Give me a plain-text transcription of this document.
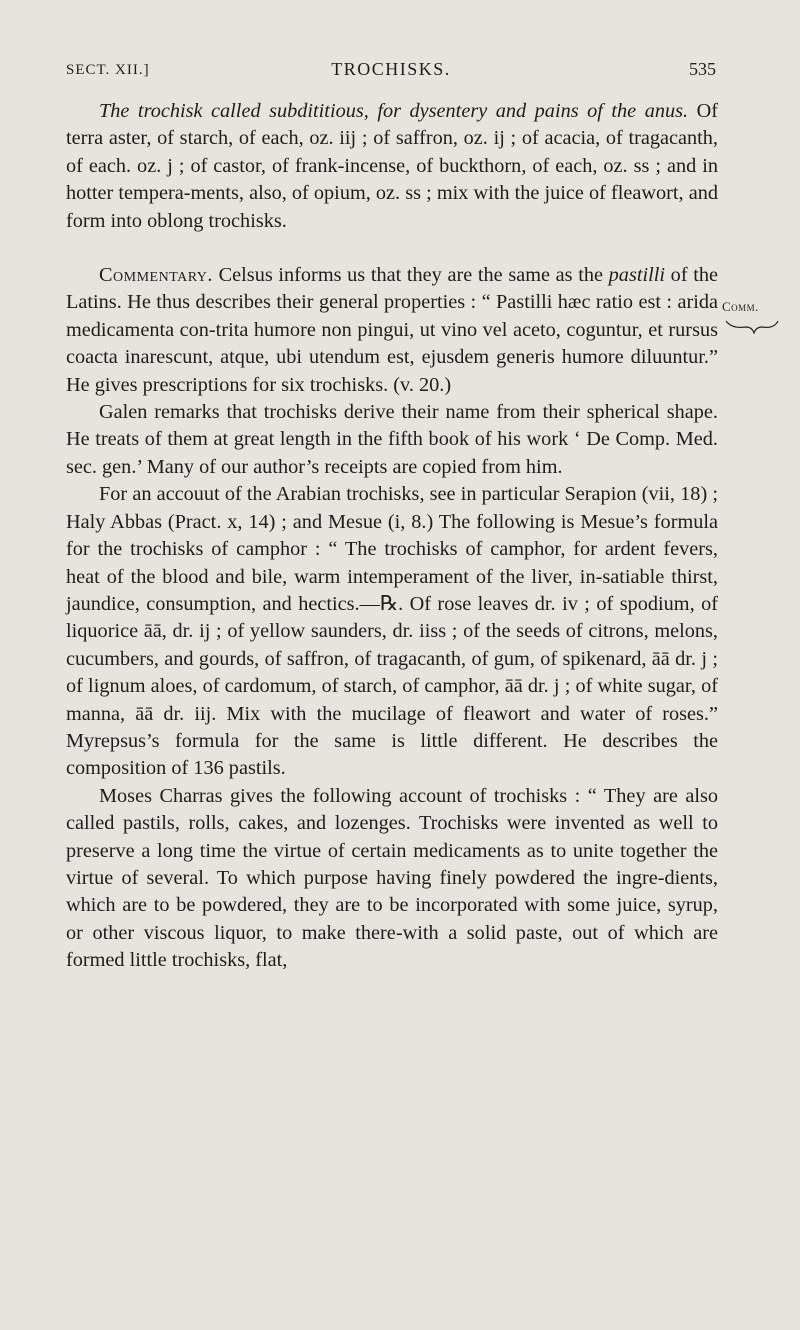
SECT. XII.]	TROCHISKS.	535
Comm.

The trochisk called subdititious, for dysentery and pains of the anus. Of terra aster, of starch, of each, oz. iij ; of saffron, oz. ij ; of acacia, of tragacanth, of each. oz. j ; of castor, of frank-incense, of buckthorn, of each, oz. ss ; and in hotter tempera-ments, also, of opium, oz. ss ; mix with the juice of fleawort, and form into oblong trochisks.

Commentary. Celsus informs us that they are the same as the pastilli of the Latins. He thus describes their general properties : “ Pastilli hæc ratio est : arida medicamenta con-trita humore non pingui, ut vino vel aceto, coguntur, et rursus coacta inarescunt, atque, ubi utendum est, ejusdem generis humore diluuntur.” He gives prescriptions for six trochisks. (v. 20.)

Galen remarks that trochisks derive their name from their spherical shape. He treats of them at great length in the fifth book of his work ‘ De Comp. Med. sec. gen.’ Many of our author’s receipts are copied from him.

For an accouut of the Arabian trochisks, see in particular Serapion (vii, 18) ; Haly Abbas (Pract. x, 14) ; and Mesue (i, 8.) The following is Mesue’s formula for the trochisks of camphor : “ The trochisks of camphor, for ardent fevers, heat of the blood and bile, warm intemperament of the liver, in-satiable thirst, jaundice, consumption, and hectics.—℞. Of rose leaves dr. iv ; of spodium, of liquorice āā, dr. ij ; of yellow saunders, dr. iiss ; of the seeds of citrons, melons, cucumbers, and gourds, of saffron, of tragacanth, of gum, of spikenard, āā dr. j ; of lignum aloes, of cardomum, of starch, of camphor, āā dr. j ; of white sugar, of manna, āā dr. iij. Mix with the mucilage of fleawort and water of roses.” Myrepsus’s formula for the same is little different. He describes the composition of 136 pastils.

Moses Charras gives the following account of trochisks : “ They are also called pastils, rolls, cakes, and lozenges. Trochisks were invented as well to preserve a long time the virtue of certain medicaments as to unite together the virtue of several. To which purpose having finely powdered the ingre-dients, which are to be powdered, they are to be incorporated with some juice, syrup, or other viscous liquor, to make there-with a solid paste, out of which are formed little trochisks, flat,
